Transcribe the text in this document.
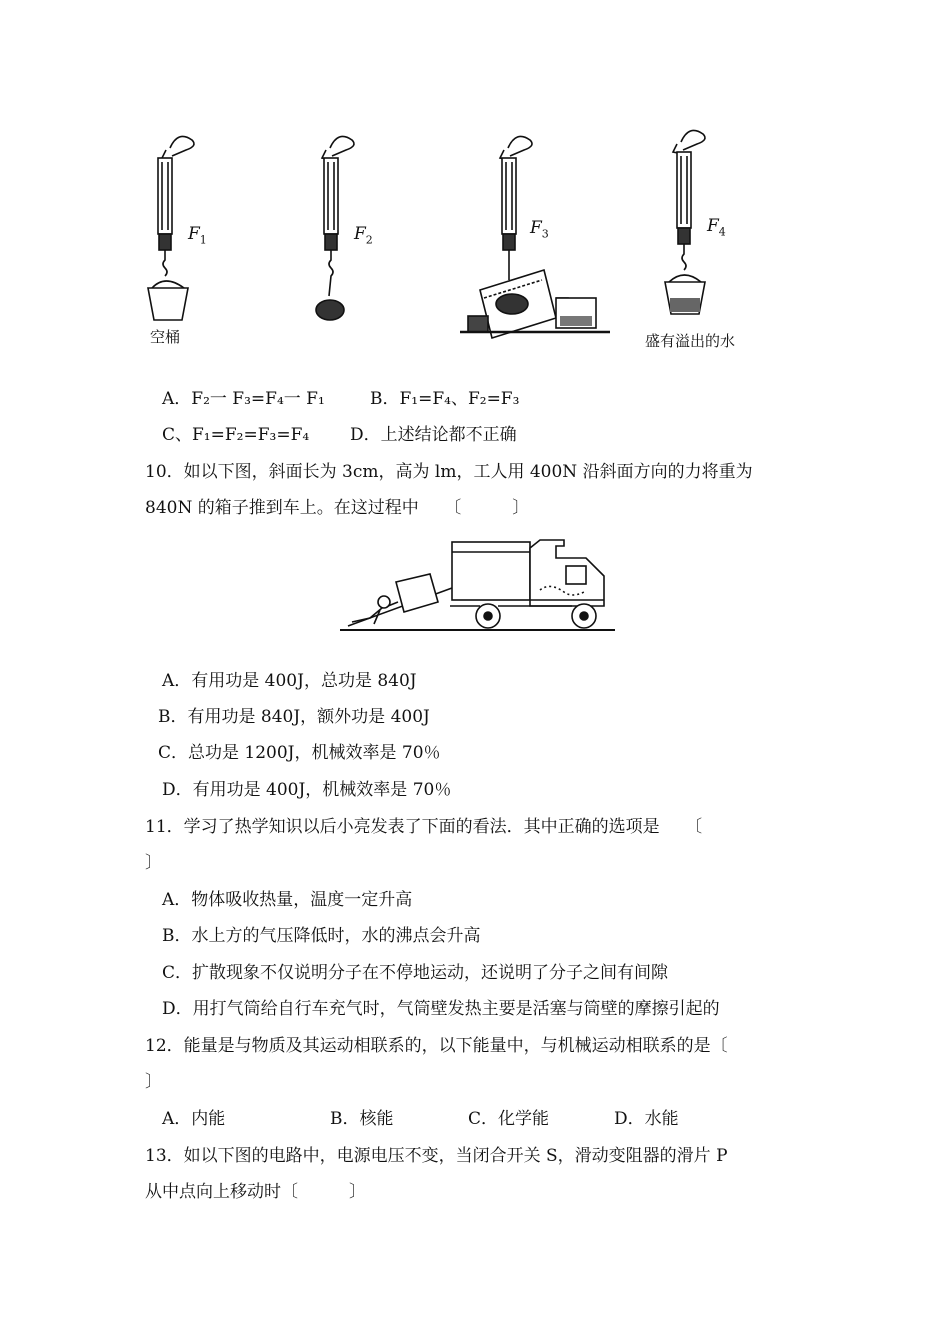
$F_1$
空桶
$F_2$
$F_3$	$F_4$
盛有溢出的水
A．F₂一 F₃=F₄一 F₁	B．F₁=F₄、F₂=F₃
C、F₁=F₂=F₃=F₄ D．上述结论都不正确
10．如以下图，斜面长为 3cm，高为 lm，工人用 400N 沿斜面方向的力将重为
840N 的箱子推到车上。在这过程中　　〔　　　〕
A．有用功是 400J，总功是 840J
B．有用功是 840J，额外功是 400J
C．总功是 1200J，机械效率是 70％
D．有用功是 400J，机械效率是 70％
11．学习了热学知识以后小亮发表了下面的看法．其中正确的选项是　　〔
〕
A．物体吸收热量，温度一定升高
B．水上方的气压降低时，水的沸点会升高
C．扩散现象不仅说明分子在不停地运动，还说明了分子之间有间隙
D．用打气筒给自行车充气时，气筒壁发热主要是活塞与筒壁的摩擦引起的
12．能量是与物质及其运动相联系的，以下能量中，与机械运动相联系的是〔
〕
A．内能	B．核能	C．化学能	D．水能
13．如以下图的电路中，电源电压不变，当闭合开关 S，滑动变阻器的滑片 P
从中点向上移动时〔　　　〕
